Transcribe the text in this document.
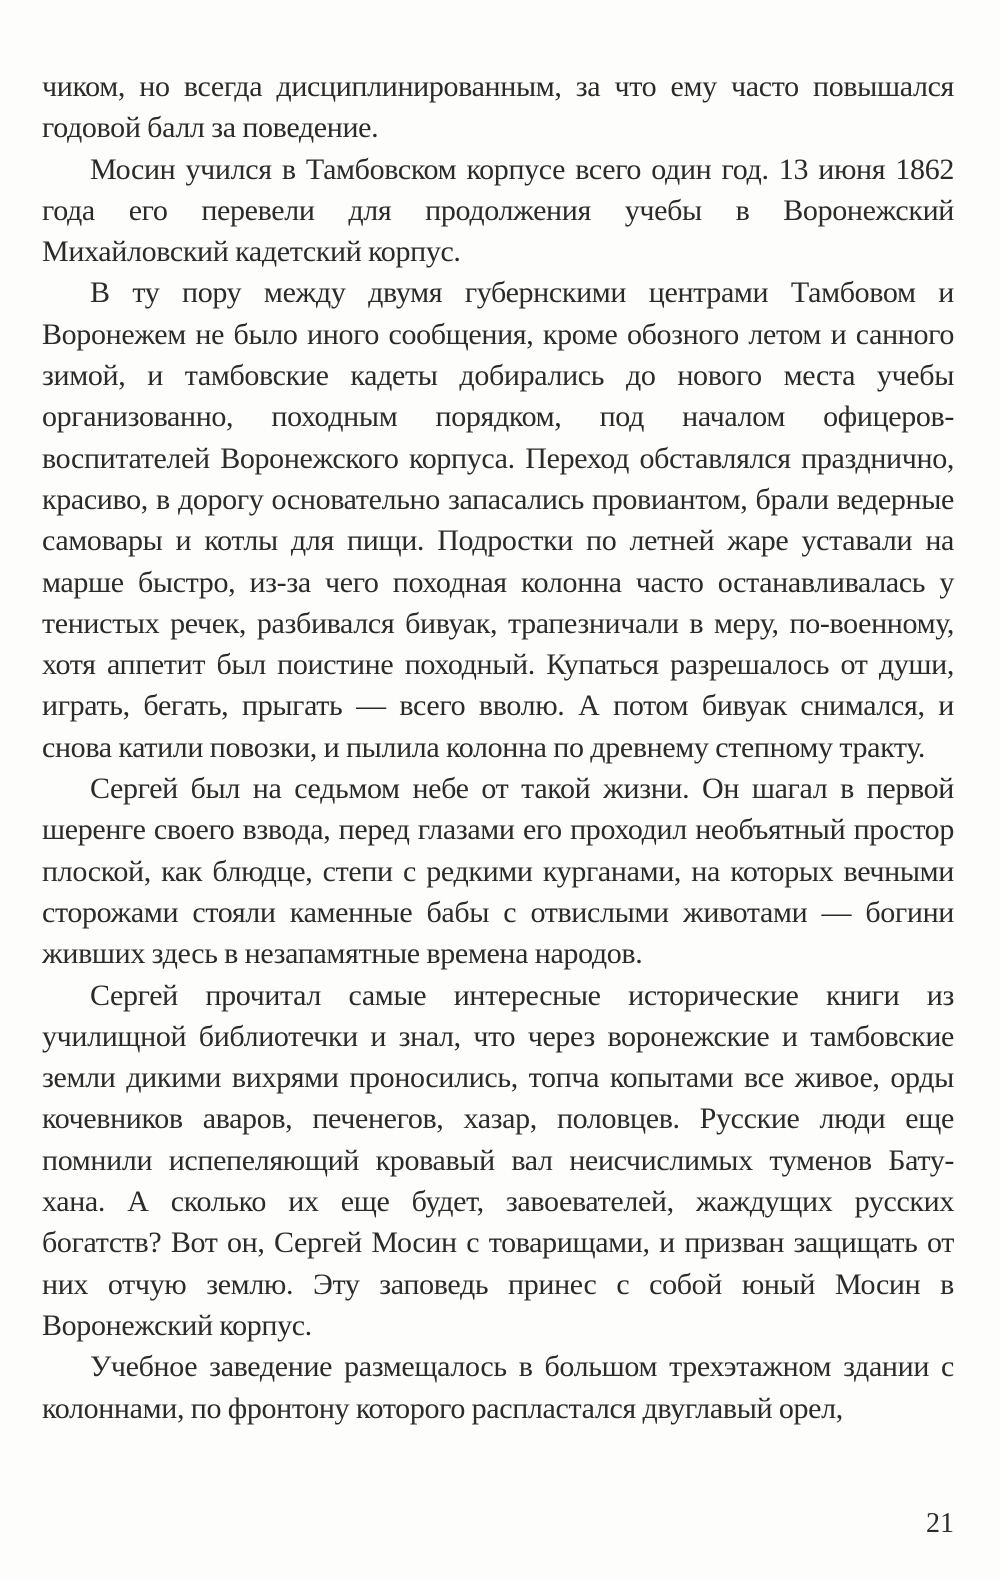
чиком, но всегда дисциплинированным, за что ему часто повышался годовой балл за поведение.

Мосин учился в Тамбовском корпусе всего один год. 13 июня 1862 года его перевели для продолжения учебы в Воронежский Михайловский кадетский корпус.

В ту пору между двумя губернскими центрами Тамбовом и Воронежем не было иного сообщения, кроме обозного летом и санного зимой, и тамбовские кадеты добирались до нового места учебы организованно, походным порядком, под началом офицеров-воспитателей Воронежского корпуса. Переход обставлялся празднично, красиво, в дорогу основательно запасались провиантом, брали ведерные самовары и котлы для пищи. Подростки по летней жаре уставали на марше быстро, из-за чего походная колонна часто останавливалась у тенистых речек, разбивался бивуак, трапезничали в меру, по-военному, хотя аппетит был поистине походный. Купаться разрешалось от души, играть, бегать, прыгать — всего вволю. А потом бивуак снимался, и снова катили повозки, и пылила колонна по древнему степному тракту.

Сергей был на седьмом небе от такой жизни. Он шагал в первой шеренге своего взвода, перед глазами его проходил необъятный простор плоской, как блюдце, степи с редкими курганами, на которых вечными сторожами стояли каменные бабы с отвислыми животами — богини живших здесь в незапамятные времена народов.

Сергей прочитал самые интересные исторические книги из училищной библиотечки и знал, что через воронежские и тамбовские земли дикими вихрями проносились, топча копытами все живое, орды кочевников аваров, печенегов, хазар, половцев. Русские люди еще помнили испепеляющий кровавый вал неисчислимых туменов Бату-хана. А сколько их еще будет, завоевателей, жаждущих русских богатств? Вот он, Сергей Мосин с товарищами, и призван защищать от них отчую землю. Эту заповедь принес с собой юный Мосин в Воронежский корпус.

Учебное заведение размещалось в большом трехэтажном здании с колоннами, по фронтону которого распластался двуглавый орел,

21
